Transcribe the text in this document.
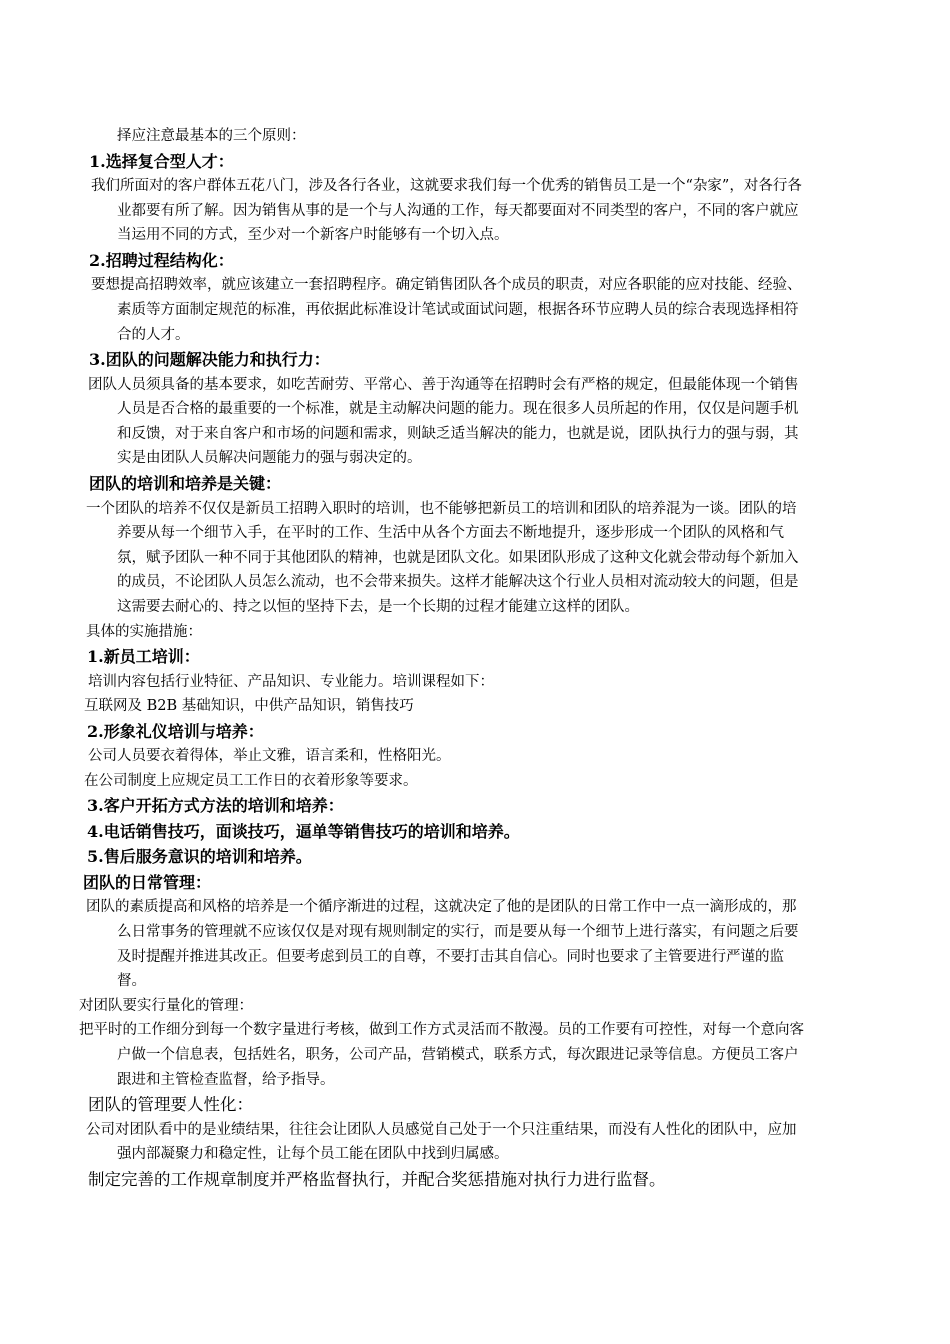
择应注意最基本的三个原则：
1.选择复合型人才：
我们所面对的客户群体五花八门，涉及各行各业，这就要求我们每一个优秀的销售员工是一个“杂家”，对各行各业都要有所了解。因为销售从事的是一个与人沟通的工作，每天都要面对不同类型的客户，不同的客户就应当运用不同的方式，至少对一个新客户时能够有一个切入点。
2.招聘过程结构化：
要想提高招聘效率，就应该建立一套招聘程序。确定销售团队各个成员的职责，对应各职能的应对技能、经验、素质等方面制定规范的标准，再依据此标准设计笔试或面试问题，根据各环节应聘人员的综合表现选择相符合的人才。
3.团队的问题解决能力和执行力：
团队人员须具备的基本要求，如吃苦耐劳、平常心、善于沟通等在招聘时会有严格的规定，但最能体现一个销售人员是否合格的最重要的一个标准，就是主动解决问题的能力。现在很多人员所起的作用，仅仅是问题手机和反馈，对于来自客户和市场的问题和需求，则缺乏适当解决的能力，也就是说，团队执行力的强与弱，其实是由团队人员解决问题能力的强与弱决定的。
团队的培训和培养是关键：
一个团队的培养不仅仅是新员工招聘入职时的培训，也不能够把新员工的培训和团队的培养混为一谈。团队的培养要从每一个细节入手，在平时的工作、生活中从各个方面去不断地提升，逐步形成一个团队的风格和气氛，赋予团队一种不同于其他团队的精神，也就是团队文化。如果团队形成了这种文化就会带动每个新加入的成员，不论团队人员怎么流动，也不会带来损失。这样才能解决这个行业人员相对流动较大的问题，但是这需要去耐心的、持之以恒的坚持下去，是一个长期的过程才能建立这样的团队。
具体的实施措施：
1.新员工培训：
培训内容包括行业特征、产品知识、专业能力。培训课程如下：
互联网及 B2B 基础知识，中供产品知识，销售技巧
2.形象礼仪培训与培养：
公司人员要衣着得体，举止文雅，语言柔和，性格阳光。
在公司制度上应规定员工工作日的衣着形象等要求。
3.客户开拓方式方法的培训和培养：
4.电话销售技巧，面谈技巧，逼单等销售技巧的培训和培养。
5.售后服务意识的培训和培养。
团队的日常管理：
团队的素质提高和风格的培养是一个循序渐进的过程，这就决定了他的是团队的日常工作中一点一滴形成的，那么日常事务的管理就不应该仅仅是对现有规则制定的实行，而是要从每一个细节上进行落实，有问题之后要及时提醒并推进其改正。但要考虑到员工的自尊，不要打击其自信心。同时也要求了主管要进行严谨的监督。
对团队要实行量化的管理：
把平时的工作细分到每一个数字量进行考核，做到工作方式灵活而不散漫。员的工作要有可控性，对每一个意向客户做一个信息表，包括姓名，职务，公司产品，营销模式，联系方式，每次跟进记录等信息。方便员工客户跟进和主管检查监督，给予指导。
团队的管理要人性化：
公司对团队看中的是业绩结果，往往会让团队人员感觉自己处于一个只注重结果，而没有人性化的团队中，应加强内部凝聚力和稳定性，让每个员工能在团队中找到归属感。
制定完善的工作规章制度并严格监督执行，并配合奖惩措施对执行力进行监督。
